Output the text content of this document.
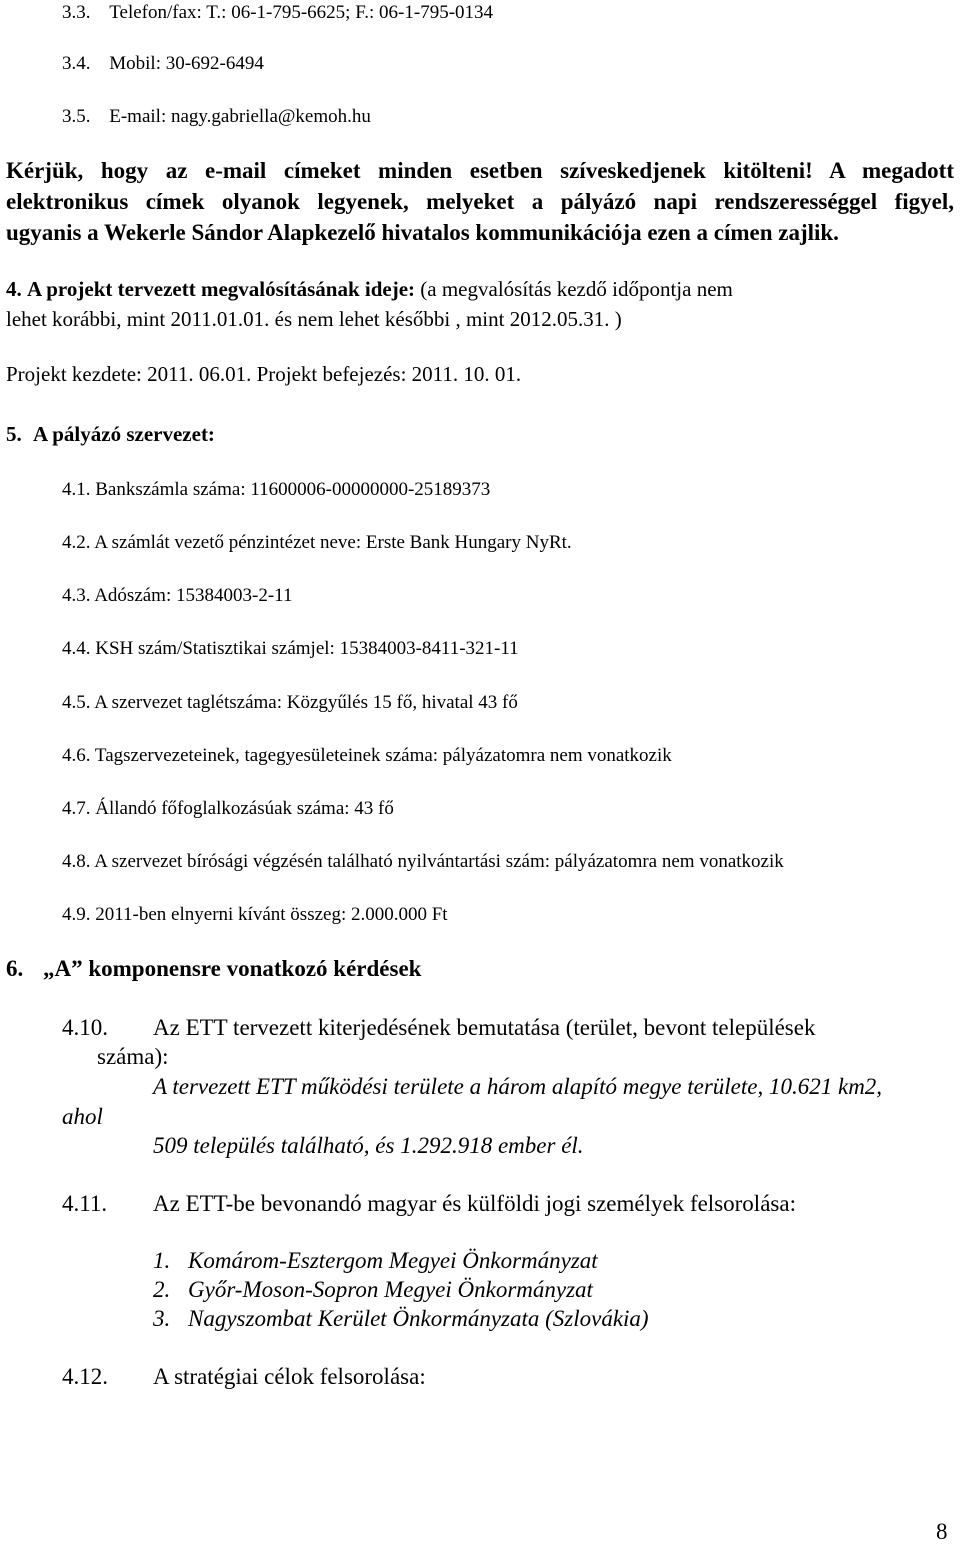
3.3. Telefon/fax: T.: 06-1-795-6625; F.: 06-1-795-0134
3.4. Mobil: 30-692-6494
3.5. E-mail: nagy.gabriella@kemoh.hu
Kérjük, hogy az e-mail címeket minden esetben szíveskedjenek kitölteni! A megadott
elektronikus címek olyanok legyenek, melyeket a pályázó napi rendszerességgel figyel,
ugyanis a Wekerle Sándor Alapkezelő hivatalos kommunikációja ezen a címen zajlik.
4. A projekt tervezett megvalósításának ideje: (a megvalósítás kezdő időpontja nem
lehet korábbi, mint 2011.01.01. és nem lehet későbbi , mint 2012.05.31. )
Projekt kezdete: 2011. 06.01. Projekt befejezés: 2011. 10. 01.
5. A pályázó szervezet:
4.1. Bankszámla száma: 11600006-00000000-25189373
4.2. A számlát vezető pénzintézet neve: Erste Bank Hungary NyRt.
4.3. Adószám: 15384003-2-11
4.4. KSH szám/Statisztikai számjel: 15384003-8411-321-11
4.5. A szervezet taglétszáma: Közgyűlés 15 fő, hivatal 43 fő
4.6. Tagszervezeteinek, tagegyesületeinek száma: pályázatomra nem vonatkozik
4.7. Állandó főfoglalkozásúak száma: 43 fő
4.8. A szervezet bírósági végzésén található nyilvántartási szám: pályázatomra nem vonatkozik
4.9. 2011-ben elnyerni kívánt összeg: 2.000.000 Ft
6. „A” komponensre vonatkozó kérdések
4.10. Az ETT tervezett kiterjedésének bemutatása (terület, bevont települések
száma):
A tervezett ETT működési területe a három alapító megye területe, 10.621 km2,
ahol
509 település található, és 1.292.918 ember él.
4.11. Az ETT-be bevonandó magyar és külföldi jogi személyek felsorolása:
1. Komárom-Esztergom Megyei Önkormányzat
2. Győr-Moson-Sopron Megyei Önkormányzat
3. Nagyszombat Kerület Önkormányzata (Szlovákia)
4.12. A stratégiai célok felsorolása:
8
